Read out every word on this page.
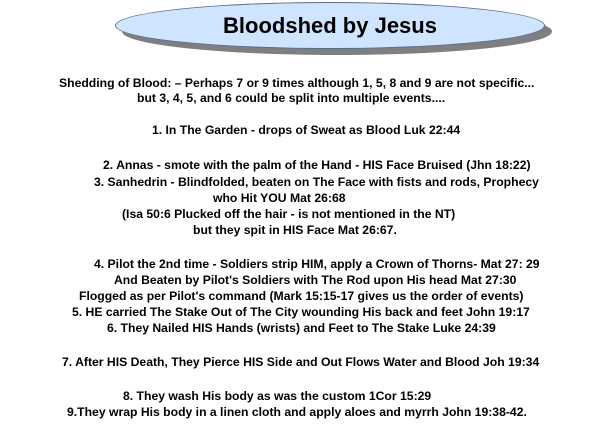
Bloodshed by Jesus
Shedding of Blood: – Perhaps 7 or 9 times although 1, 5, 8 and 9 are not specific...
but 3, 4, 5, and 6 could be split into multiple events....
1. In The Garden - drops of Sweat as Blood Luk 22:44
2. Annas - smote with the palm of the Hand - HIS Face Bruised (Jhn 18:22)
3. Sanhedrin - Blindfolded, beaten on The Face with fists and rods, Prophecy
who Hit YOU Mat 26:68
(Isa 50:6 Plucked off the hair - is not mentioned in the NT)
but they spit in HIS Face Mat 26:67.
4. Pilot the 2nd time - Soldiers strip HIM, apply a Crown of Thorns- Mat 27: 29
And Beaten by Pilot's Soldiers with The Rod upon His head Mat 27:30
Flogged as per Pilot's command (Mark 15:15-17 gives us the order of events)
5. HE carried The Stake Out of The City wounding His back and feet John 19:17
6. They Nailed HIS Hands (wrists) and Feet to The Stake Luke 24:39
7. After HIS Death, They Pierce HIS Side and Out Flows Water and Blood Joh 19:34
8. They wash His body as was the custom 1Cor 15:29
9.They wrap His body in a linen cloth and apply aloes and myrrh John 19:38-42.
